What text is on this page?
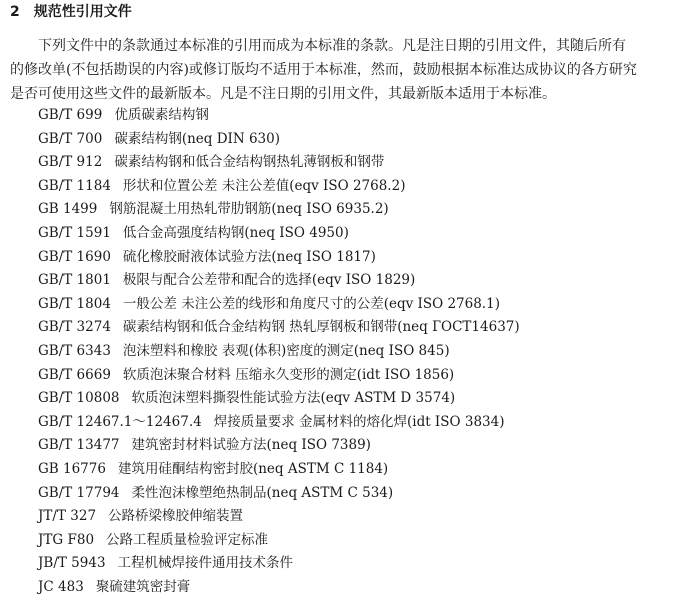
2 规范性引用文件
下列文件中的条款通过本标准的引用而成为本标准的条款。凡是注日期的引用文件，其随后所有
的修改单(不包括勘误的内容)或修订版均不适用于本标准，然而，鼓励根据本标准达成协议的各方研究
是否可使用这些文件的最新版本。凡是不注日期的引用文件，其最新版本适用于本标准。
GB/T 699 优质碳素结构钢
GB/T 700 碳素结构钢(neq DIN 630)
GB/T 912 碳素结构钢和低合金结构钢热轧薄钢板和钢带
GB/T 1184 形状和位置公差 未注公差值(eqv ISO 2768.2)
GB 1499 钢筋混凝土用热轧带肋钢筋(neq ISO 6935.2)
GB/T 1591 低合金高强度结构钢(neq ISO 4950)
GB/T 1690 硫化橡胶耐液体试验方法(neq ISO 1817)
GB/T 1801 极限与配合公差带和配合的选择(eqv ISO 1829)
GB/T 1804 一般公差 未注公差的线形和角度尺寸的公差(eqv ISO 2768.1)
GB/T 3274 碳素结构钢和低合金结构钢 热轧厚钢板和钢带(neq ГОСТ14637)
GB/T 6343 泡沫塑料和橡胶 表观(体积)密度的测定(neq ISO 845)
GB/T 6669 软质泡沫聚合材料 压缩永久变形的测定(idt ISO 1856)
GB/T 10808 软质泡沫塑料撕裂性能试验方法(eqv ASTM D 3574)
GB/T 12467.1～12467.4 焊接质量要求 金属材料的熔化焊(idt ISO 3834)
GB/T 13477 建筑密封材料试验方法(neq ISO 7389)
GB 16776 建筑用硅酮结构密封胶(neq ASTM C 1184)
GB/T 17794 柔性泡沫橡塑绝热制品(neq ASTM C 534)
JT/T 327 公路桥梁橡胶伸缩装置
JTG F80 公路工程质量检验评定标准
JB/T 5943 工程机械焊接件通用技术条件
JC 483 聚硫建筑密封膏
